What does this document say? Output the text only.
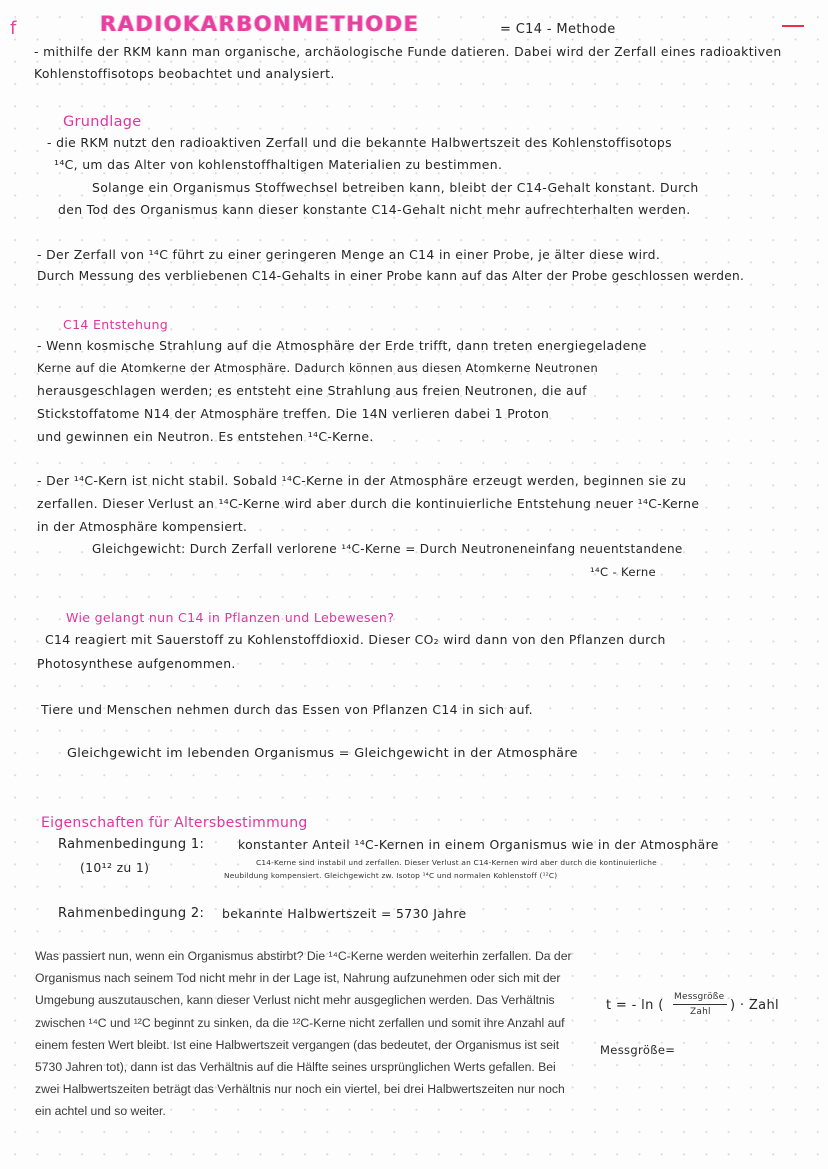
f	RADIOKARBONMETHODE	= C14 - Methode
- mithilfe der RKM kann man organische, archäologische Funde datieren. Dabei wird der Zerfall eines radioaktiven
Kohlenstoffisotops beobachtet und analysiert.
Grundlage
- die RKM nutzt den radioaktiven Zerfall und die bekannte Halbwertszeit des Kohlenstoffisotops
¹⁴C, um das Alter von kohlenstoffhaltigen Materialien zu bestimmen.
Solange ein Organismus Stoffwechsel betreiben kann, bleibt der C14-Gehalt konstant. Durch
den Tod des Organismus kann dieser konstante C14-Gehalt nicht mehr aufrechterhalten werden.
- Der Zerfall von ¹⁴C führt zu einer geringeren Menge an C14 in einer Probe, je älter diese wird.
Durch Messung des verbliebenen C14-Gehalts in einer Probe kann auf das Alter der Probe geschlossen werden.
C14 Entstehung
- Wenn kosmische Strahlung auf die Atmosphäre der Erde trifft, dann treten energiegeladene
Kerne auf die Atomkerne der Atmosphäre. Dadurch können aus diesen Atomkerne Neutronen
herausgeschlagen werden; es entsteht eine Strahlung aus freien Neutronen, die auf
Stickstoffatome N14 der Atmosphäre treffen. Die 14N verlieren dabei 1 Proton
und gewinnen ein Neutron. Es entstehen ¹⁴C-Kerne.
- Der ¹⁴C-Kern ist nicht stabil. Sobald ¹⁴C-Kerne in der Atmosphäre erzeugt werden, beginnen sie zu
zerfallen. Dieser Verlust an ¹⁴C-Kerne wird aber durch die kontinuierliche Entstehung neuer ¹⁴C-Kerne
in der Atmosphäre kompensiert.
Gleichgewicht: Durch Zerfall verlorene ¹⁴C-Kerne = Durch Neutroneneinfang neuentstandene
¹⁴C - Kerne
Wie gelangt nun C14 in Pflanzen und Lebewesen?
C14 reagiert mit Sauerstoff zu Kohlenstoffdioxid. Dieser CO₂ wird dann von den Pflanzen durch
Photosynthese aufgenommen.
Tiere und Menschen nehmen durch das Essen von Pflanzen C14 in sich auf.
Gleichgewicht im lebenden Organismus = Gleichgewicht in der Atmosphäre
Eigenschaften für Altersbestimmung
Rahmenbedingung 1:
(10¹² zu 1)
konstanter Anteil ¹⁴C-Kernen in einem Organismus wie in der Atmosphäre
C14-Kerne sind instabil und zerfallen. Dieser Verlust an C14-Kernen wird aber durch die kontinuierliche
Neubildung kompensiert. Gleichgewicht zw. Isotop ¹⁴C und normalen Kohlenstoff (¹²C)
Rahmenbedingung 2: bekannte Halbwertszeit = 5730 Jahre

Was passiert nun, wenn ein Organismus abstirbt? Die ¹⁴C-Kerne werden weiterhin zerfallen. Da der Organismus nach seinem Tod nicht mehr in der Lage ist, Nahrung aufzunehmen oder sich mit der Umgebung auszutauschen, kann dieser Verlust nicht mehr ausgeglichen werden. Das Verhältnis zwischen ¹⁴C und ¹²C beginnt zu sinken, da die ¹²C-Kerne nicht zerfallen und somit ihre Anzahl auf einem festen Wert bleibt. Ist eine Halbwertszeit vergangen (das bedeutet, der Organismus ist seit 5730 Jahren tot), dann ist das Verhältnis auf die Hälfte seines ursprünglichen Werts gefallen. Bei zwei Halbwertszeiten beträgt das Verhältnis nur noch ein viertel, bei drei Halbwertszeiten nur noch ein achtel und so weiter.

t = - ln (
Messgröße
Zahl ) · Zahl
Messgröße=
